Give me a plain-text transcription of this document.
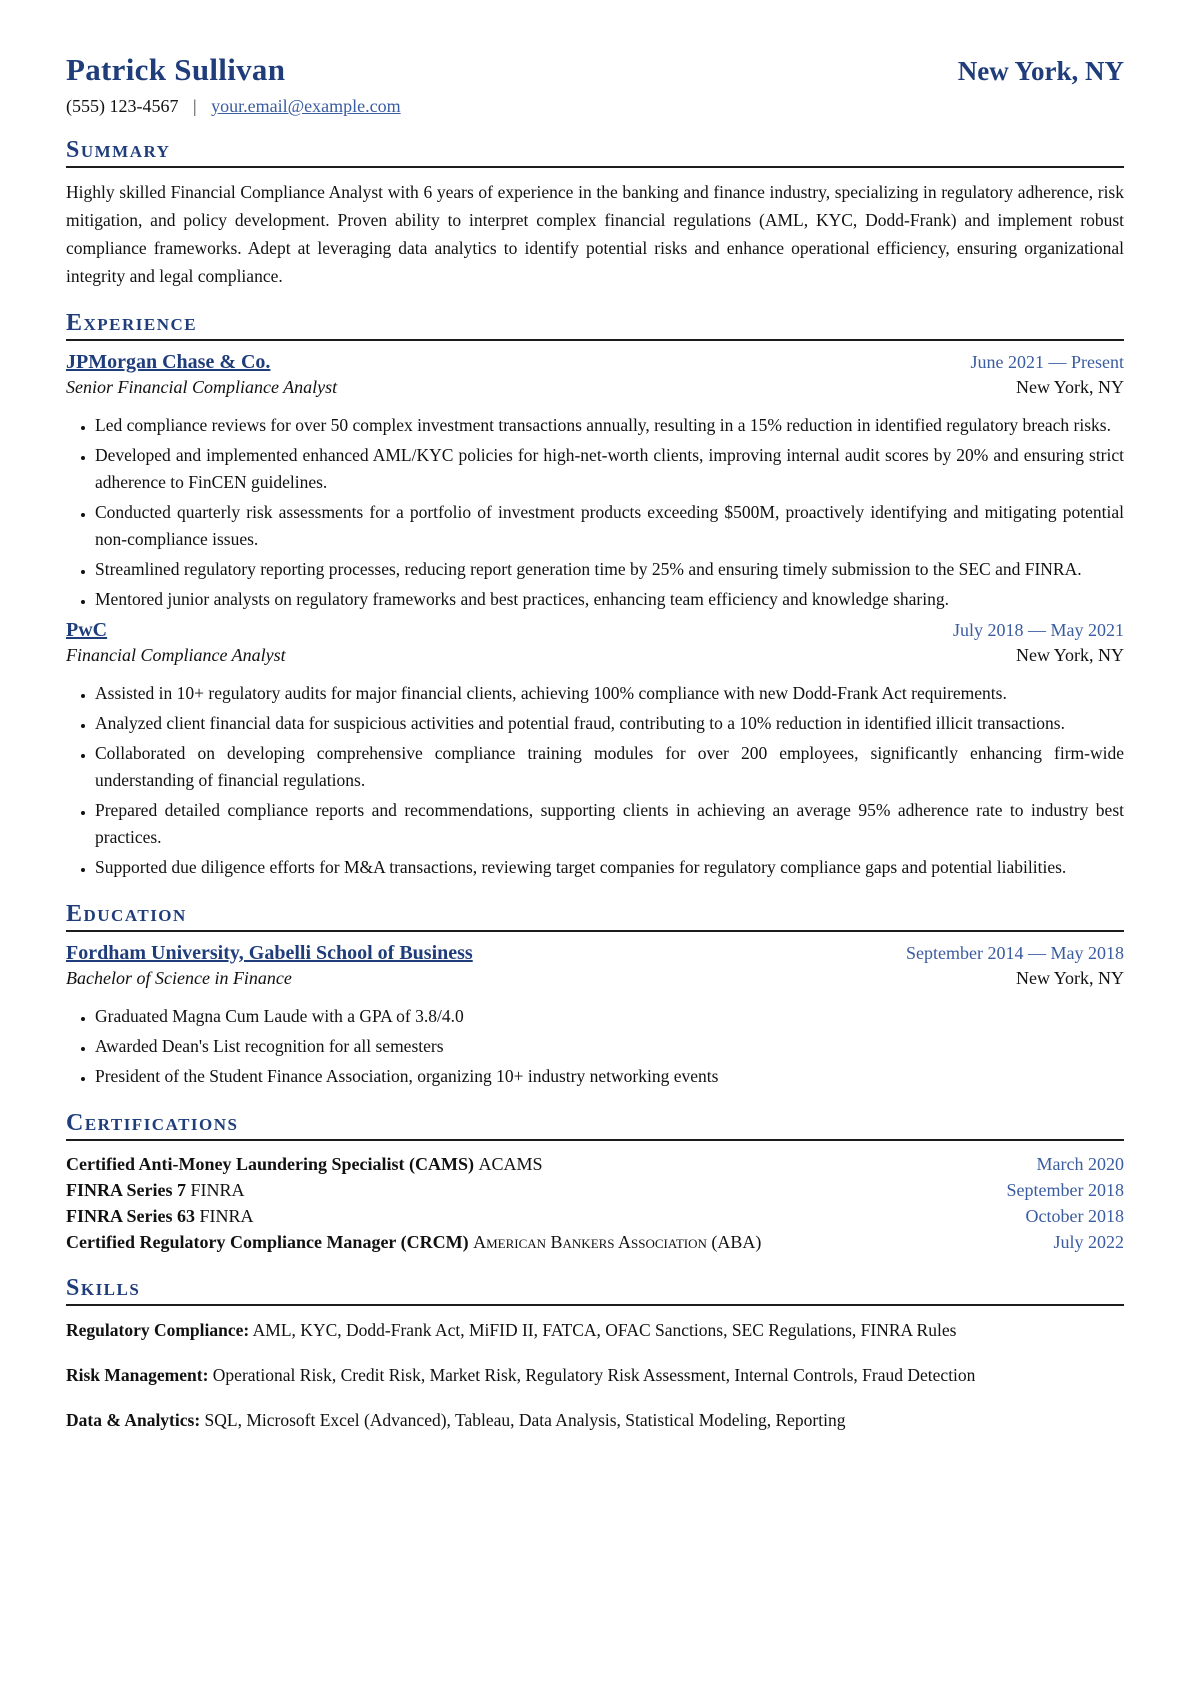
Patrick Sullivan	New York, NY
(555) 123-4567 | your.email@example.com
Summary

Highly skilled Financial Compliance Analyst with 6 years of experience in the banking and finance industry, specializing in regulatory adherence, risk mitigation, and policy development. Proven ability to interpret complex financial regulations (AML, KYC, Dodd-Frank) and implement robust compliance frameworks. Adept at leveraging data analytics to identify potential risks and enhance operational efficiency, ensuring organizational integrity and legal compliance.

Experience
JPMorgan Chase & Co.	June 2021 — Present
Senior Financial Compliance Analyst	New York, NY
• Led compliance reviews for over 50 complex investment transactions annually, resulting in a 15% reduction in identified regulatory breach risks.
• Developed and implemented enhanced AML/KYC policies for high-net-worth clients, improving internal audit scores by 20% and ensuring strict adherence to FinCEN guidelines.
• Conducted quarterly risk assessments for a portfolio of investment products exceeding $500M, proactively identifying and mitigating potential non-compliance issues.
• Streamlined regulatory reporting processes, reducing report generation time by 25% and ensuring timely submission to the SEC and FINRA.
• Mentored junior analysts on regulatory frameworks and best practices, enhancing team efficiency and knowledge sharing.
PwC	July 2018 — May 2021
Financial Compliance Analyst	New York, NY
• Assisted in 10+ regulatory audits for major financial clients, achieving 100% compliance with new Dodd-Frank Act requirements.
• Analyzed client financial data for suspicious activities and potential fraud, contributing to a 10% reduction in identified illicit transactions.
• Collaborated on developing comprehensive compliance training modules for over 200 employees, significantly enhancing firm-wide understanding of financial regulations.
• Prepared detailed compliance reports and recommendations, supporting clients in achieving an average 95% adherence rate to industry best practices.
• Supported due diligence efforts for M&A transactions, reviewing target companies for regulatory compliance gaps and potential liabilities.
Education
Fordham University, Gabelli School of Business	September 2014 — May 2018
Bachelor of Science in Finance	New York, NY
• Graduated Magna Cum Laude with a GPA of 3.8/4.0
• Awarded Dean's List recognition for all semesters
• President of the Student Finance Association, organizing 10+ industry networking events
Certifications
Certified Anti-Money Laundering Specialist (CAMS) ACAMS	March 2020
FINRA Series 7 FINRA	September 2018
FINRA Series 63 FINRA	October 2018
Certified Regulatory Compliance Manager (CRCM) American Bankers Association (ABA)	July 2022
Skills

Regulatory Compliance: AML, KYC, Dodd-Frank Act, MiFID II, FATCA, OFAC Sanctions, SEC Regulations, FINRA Rules

Risk Management: Operational Risk, Credit Risk, Market Risk, Regulatory Risk Assessment, Internal Controls, Fraud Detection

Data & Analytics: SQL, Microsoft Excel (Advanced), Tableau, Data Analysis, Statistical Modeling, Reporting
